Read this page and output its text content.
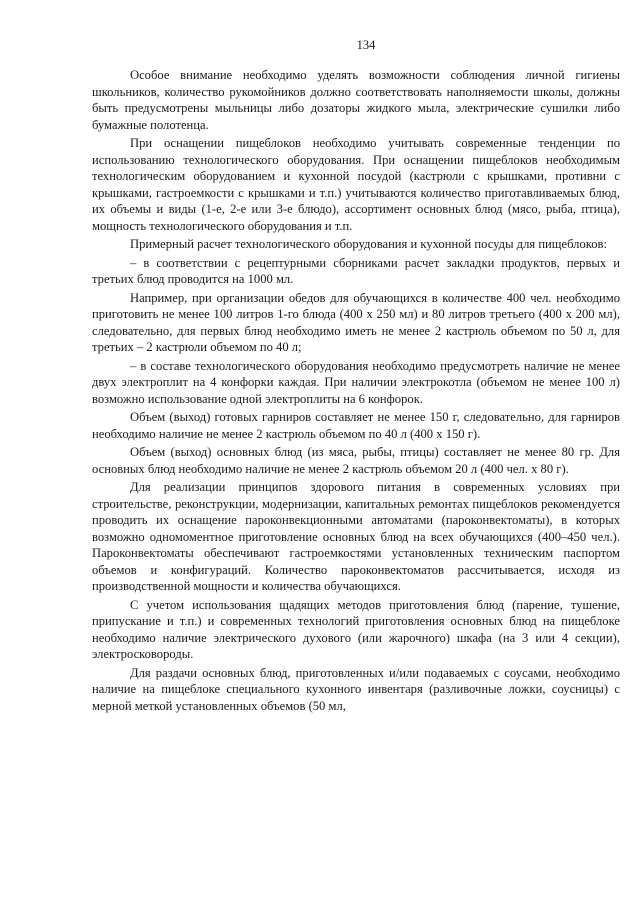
134

Особое внимание необходимо уделять возможности соблюдения личной гигиены школьников, количество рукомойников должно соответствовать наполняемости школы, должны быть предусмотрены мыльницы либо дозаторы жидкого мыла, электрические сушилки либо бумажные полотенца.

При оснащении пищеблоков необходимо учитывать современные тенденции по использованию технологического оборудования. При оснащении пищеблоков необходимым технологическим оборудованием и кухонной посудой (кастрюли с крышками, противни с крышками, гастроемкости с крышками и т.п.) учитываются количество приготавливаемых блюд, их объемы и виды (1-е, 2-е или 3-е блюдо), ассортимент основных блюд (мясо, рыба, птица), мощность технологического оборудования и т.п.

Примерный расчет технологического оборудования и кухонной посуды для пищеблоков:

– в соответствии с рецептурными сборниками расчет закладки продуктов, первых и третьих блюд проводится на 1000 мл.

Например, при организации обедов для обучающихся в количестве 400 чел. необходимо приготовить не менее 100 литров 1-го блюда (400 х 250 мл) и 80 литров третьего (400 х 200 мл), следовательно, для первых блюд необходимо иметь не менее 2 кастрюль объемом по 50 л, для третьих – 2 кастрюли объемом по 40 л;

– в составе технологического оборудования необходимо предусмотреть наличие не менее двух электроплит на 4 конфорки каждая. При наличии электрокотла (объемом не менее 100 л) возможно использование одной электроплиты на 6 конфорок.

Объем (выход) готовых гарниров составляет не менее 150 г, следовательно, для гарниров необходимо наличие не менее 2 кастрюль объемом по 40 л (400 х 150 г).

Объем (выход) основных блюд (из мяса, рыбы, птицы) составляет не менее 80 гр. Для основных блюд необходимо наличие не менее 2 кастрюль объемом 20 л (400 чел. х 80 г).

Для реализации принципов здорового питания в современных условиях при строительстве, реконструкции, модернизации, капитальных ремонтах пищеблоков рекомендуется проводить их оснащение пароконвекционными автоматами (пароконвектоматы), в которых возможно одномоментное приготовление основных блюд на всех обучающихся (400–450 чел.). Пароконвектоматы обеспечивают гастроемкостями установленных техническим паспортом объемов и конфигураций. Количество пароконвектоматов рассчитывается, исходя из производственной мощности и количества обучающихся.

С учетом использования щадящих методов приготовления блюд (парение, тушение, припускание и т.п.) и современных технологий приготовления основных блюд на пищеблоке необходимо наличие электрического духового (или жарочного) шкафа (на 3 или 4 секции), электросковороды.

Для раздачи основных блюд, приготовленных и/или подаваемых с соусами, необходимо наличие на пищеблоке специального кухонного инвентаря (разливочные ложки, соусницы) с мерной меткой установленных объемов (50 мл,
